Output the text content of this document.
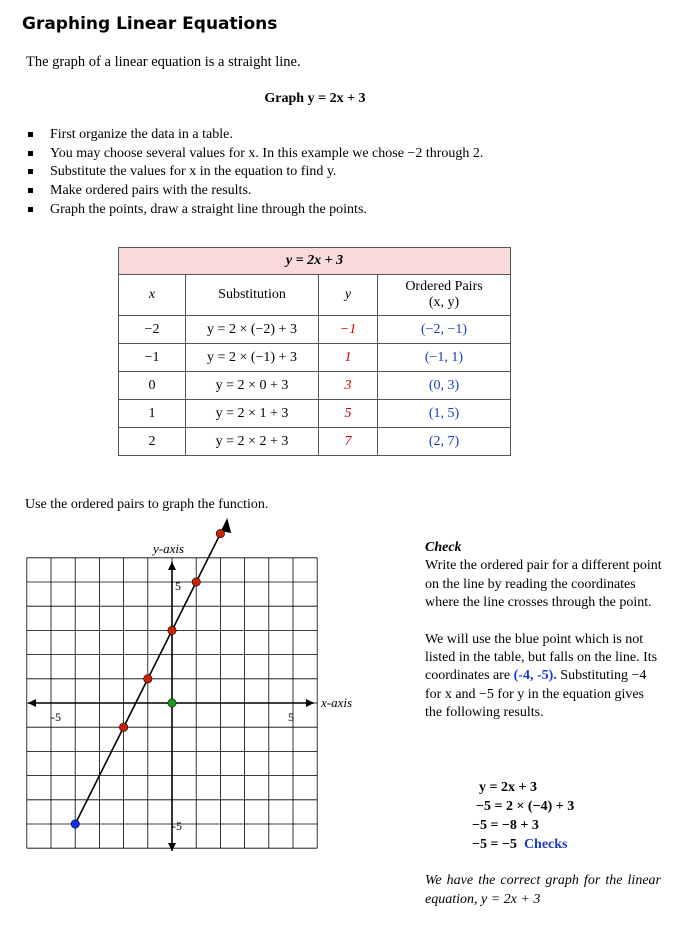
Graphing Linear Equations
The graph of a linear equation is a straight line.
Graph y = 2x + 3
First organize the data in a table.
You may choose several values for x. In this example we chose −2 through 2.
Substitute the values for x in the equation to find y.
Make ordered pairs with the results.
Graph the points, draw a straight line through the points.
y = 2x + 3			
x	Substitution	y	Ordered Pairs
(x, y)

−2	y = 2 × (−2) + 3	−1	(−2, −1)
−1	y = 2 × (−1) + 3	1	(−1, 1)
0	y = 2 × 0 + 3	3	(0, 3)
1	y = 2 × 1 + 3	5	(1, 5)
2	y = 2 × 2 + 3	7	(2, 7)
Use the ordered pairs to graph the function.
y-axis
x-axis
-5	5
5
-5
Check
Write the ordered pair for a different point on the line by reading the coordinates where the line crosses through the point.
We will use the blue point which is not listed in the table, but falls on the line. Its coordinates are (-4, -5). Substituting −4 for x and −5 for y in the equation gives the following results.
y = 2x + 3
−5 = 2 × (−4) + 3
−5 = −8 + 3
−5 = −5 Checks
We have the correct graph for the linear equation, y = 2x + 3
